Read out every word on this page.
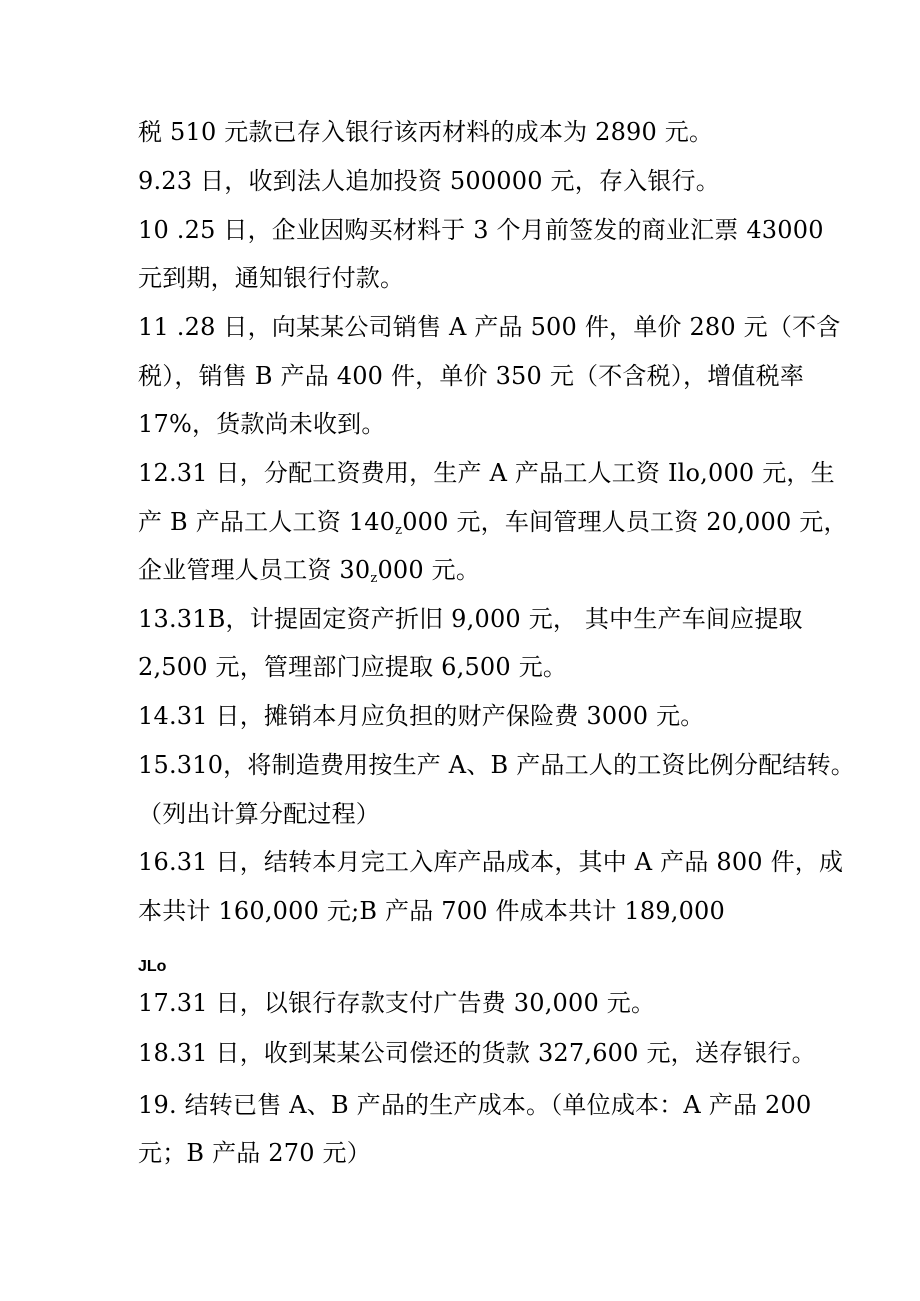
税 510 元款已存入银行该丙材料的成本为 2890 元。
9.23 日，收到法人追加投资 500000 元，存入银行。
10 .25 日，企业因购买材料于 3 个月前签发的商业汇票 43000
元到期，通知银行付款。
11 .28 日，向某某公司销售 A 产品 500 件，单价 280 元（不含
税），销售 B 产品 400 件，单价 350 元（不含税），增值税率
17%，货款尚未收到。
12.31 日，分配工资费用，生产 A 产品工人工资 Ilo,000 元，生
产 B 产品工人工资 $140_z000$ 元，车间管理人员工资 20,000 元，
企业管理人员工资 $30_z000$ 元。
13.31B，计提固定资产折旧 9,000 元， 其中生产车间应提取
2,500 元，管理部门应提取 6,500 元。
14.31 日，摊销本月应负担的财产保险费 3000 元。
15.310，将制造费用按生产 A、B 产品工人的工资比例分配结转。
（列出计算分配过程）
16.31 日，结转本月完工入库产品成本，其中 A 产品 800 件，成
本共计 160,000 元;B 产品 700 件成本共计 189,000
JLo
17.31 日，以银行存款支付广告费 30,000 元。
18.31 日，收到某某公司偿还的货款 327,600 元，送存银行。
19. 结转已售 A、B 产品的生产成本。（单位成本：A 产品 200
元；B 产品 270 元）
